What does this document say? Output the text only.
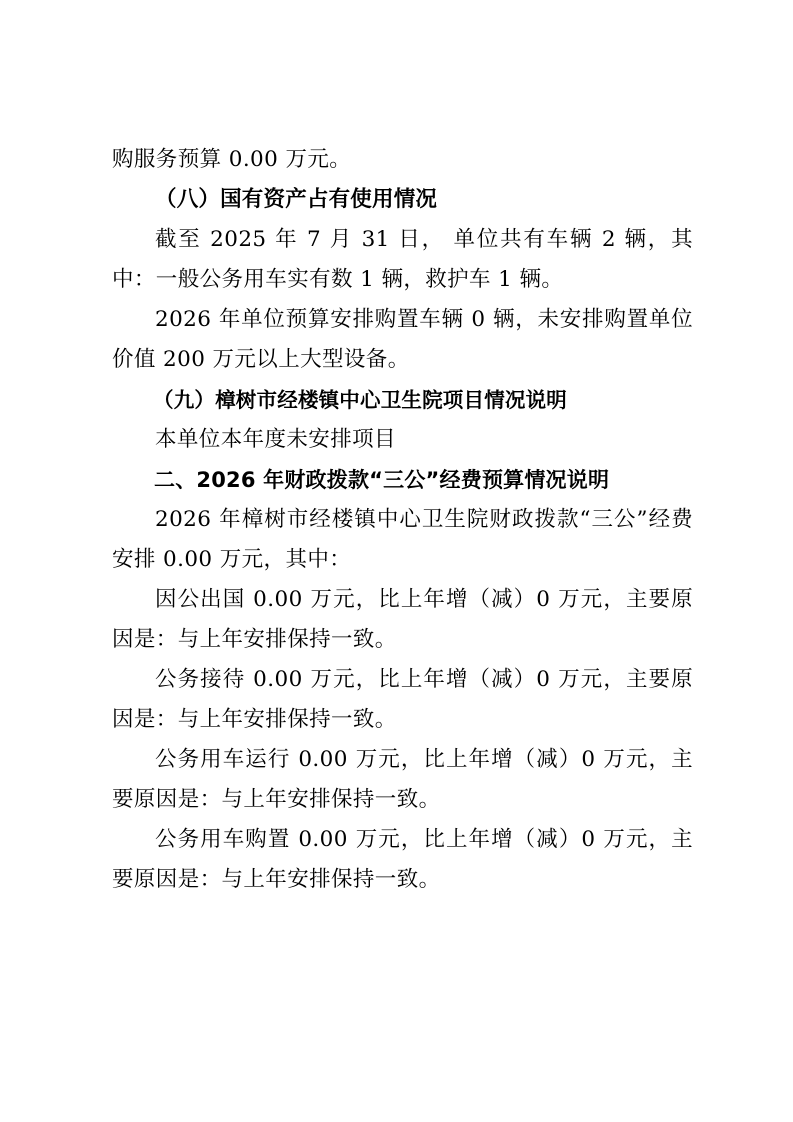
购服务预算 0.00 万元。

（八）国有资产占有使用情况

截至 2025 年 7 月 31 日， 单位共有车辆 2 辆，其中：一般公务用车实有数 1 辆，救护车 1 辆。

2026 年单位预算安排购置车辆 0 辆，未安排购置单位价值 200 万元以上大型设备。

（九）樟树市经楼镇中心卫生院项目情况说明

本单位本年度未安排项目

二、2026 年财政拨款“三公”经费预算情况说明

2026 年樟树市经楼镇中心卫生院财政拨款“三公”经费安排 0.00 万元，其中：

因公出国 0.00 万元，比上年增（减）0 万元，主要原因是：与上年安排保持一致。

公务接待 0.00 万元，比上年增（减）0 万元，主要原因是：与上年安排保持一致。

公务用车运行 0.00 万元，比上年增（减）0 万元，主要原因是：与上年安排保持一致。

公务用车购置 0.00 万元，比上年增（减）0 万元，主要原因是：与上年安排保持一致。
